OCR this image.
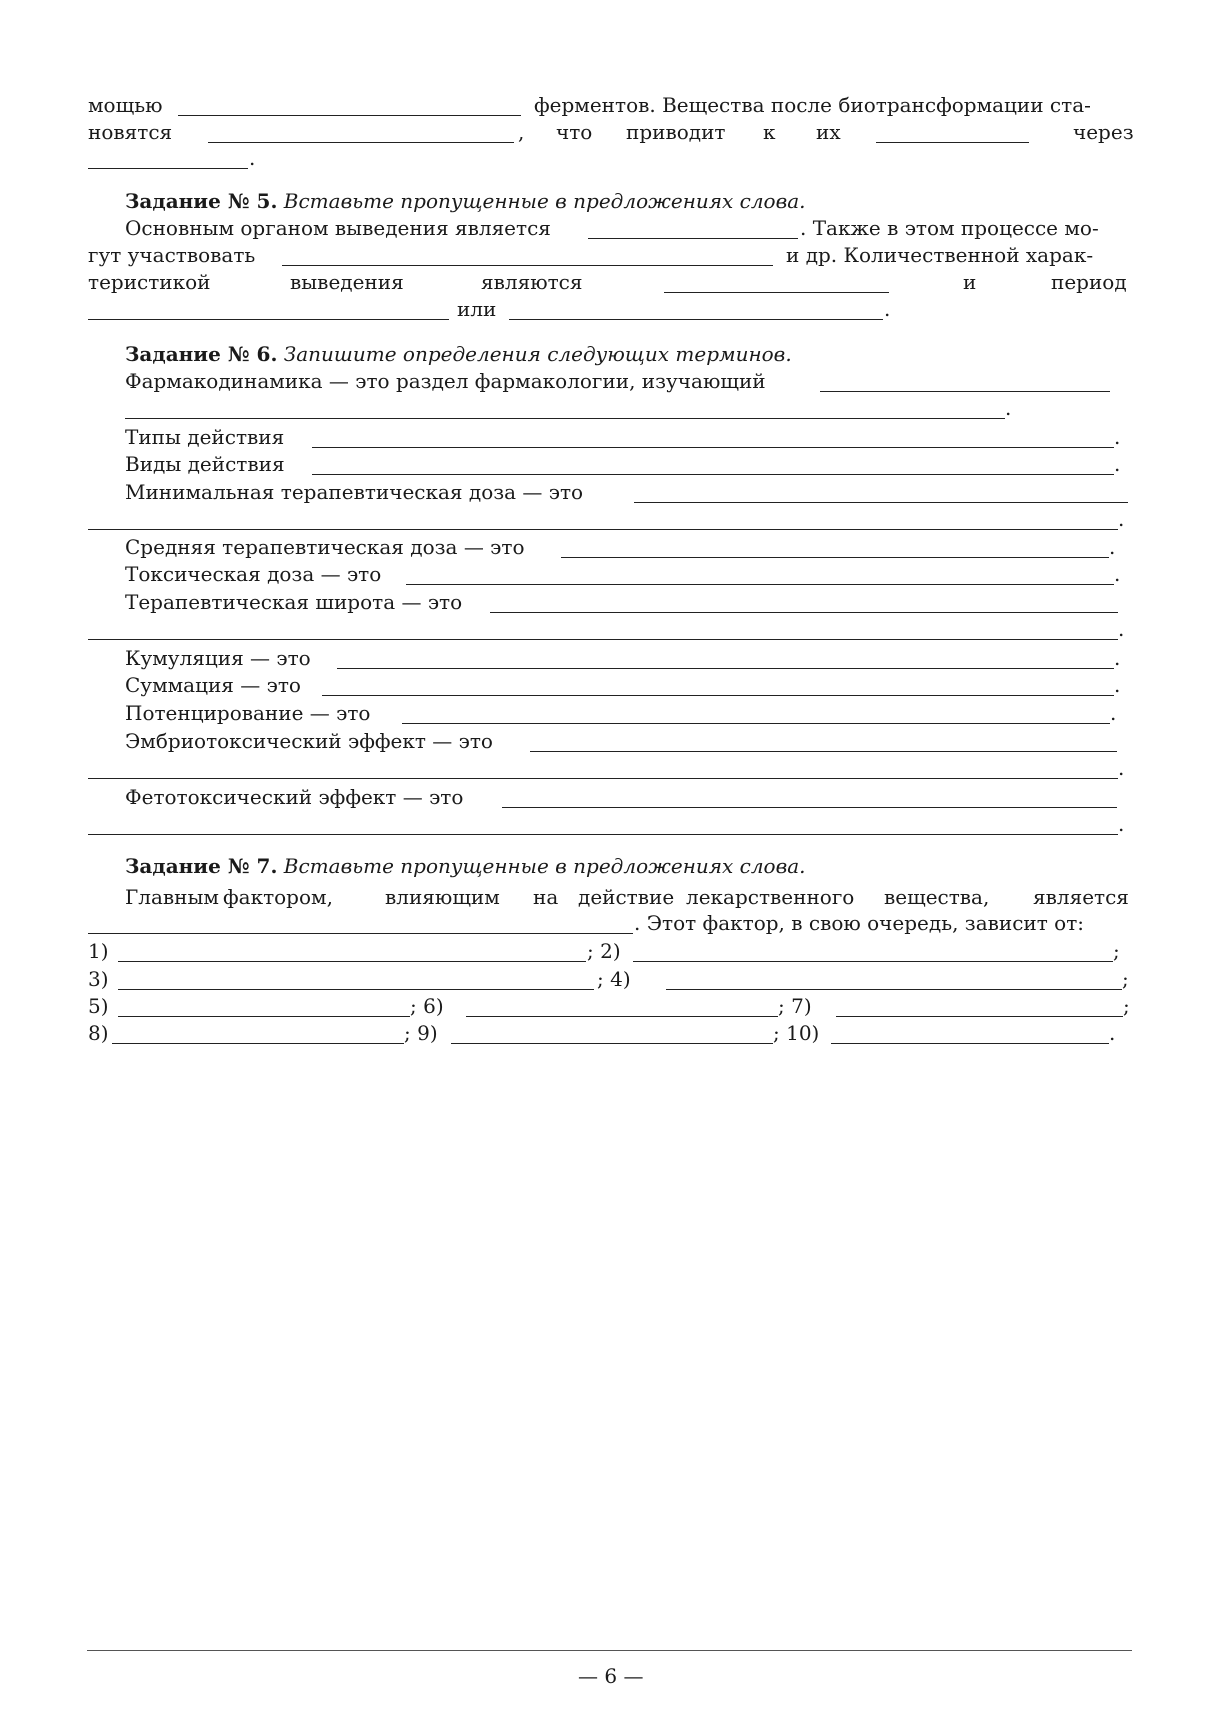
мощью	ферментов. Вещества после биотрансформации ста-
новятся	, что приводит к их	через
.
Задание № 5. Вставьте пропущенные в предложениях слова.
Основным органом выведения является	. Также в этом процессе мо-
гут участвовать	и др. Количественной харак-
теристикой	выведения	являются	и	период
или	.
Задание № 6. Запишите определения следующих терминов.
Фармакодинамика — это раздел фармакологии, изучающий
.
Типы действия	.
Виды действия	.
Минимальная терапевтическая доза — это
.
Средняя терапевтическая доза — это	.
Токсическая доза — это	.
Терапевтическая широта — это
.
Кумуляция — это	.
Суммация — это	.
Потенцирование — это	.
Эмбриотоксический эффект — это
.
Фетотоксический эффект — это
.
Задание № 7. Вставьте пропущенные в предложениях слова.
Главным фактором,	влияющим на действие лекарственного вещества, является
. Этот фактор, в свою очередь, зависит от:
1)	; 2)	;
3)	; 4)	;
5)	; 6)	; 7)	;
8)	; 9)	; 10)	.
— 6 —
